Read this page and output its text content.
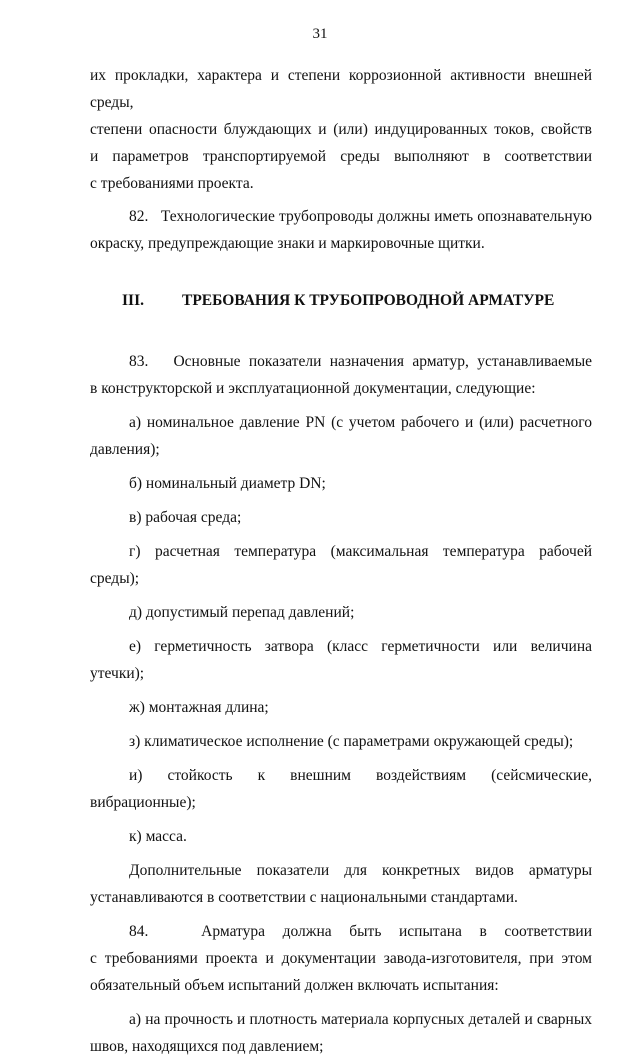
31

их прокладки, характера и степени коррозионной активности внешней среды,

степени опасности блуждающих и (или) индуцированных токов, свойств

и параметров транспортируемой среды выполняют в соответствии

с требованиями проекта.

82.   Технологические трубопроводы должны иметь опознавательную

окраску, предупреждающие знаки и маркировочные щитки.

III.	ТРЕБОВАНИЯ К ТРУБОПРОВОДНОЙ АРМАТУРЕ

83.   Основные показатели назначения арматур, устанавливаемые

в конструкторской и эксплуатационной документации, следующие:

а) номинальное давление PN (с учетом рабочего и (или) расчетного

давления);

б) номинальный диаметр DN;

в) рабочая среда;

г) расчетная температура (максимальная температура рабочей среды);

д) допустимый перепад давлений;

е) герметичность затвора (класс герметичности или величина утечки);

ж) монтажная длина;

з) климатическое исполнение (с параметрами окружающей среды);

и) стойкость к внешним воздействиям (сейсмические, вибрационные);

к) масса.

Дополнительные показатели для конкретных видов арматуры

устанавливаются в соответствии с национальными стандартами.

84.   Арматура должна быть испытана в соответствии

с требованиями проекта и документации завода-изготовителя, при этом

обязательный объем испытаний должен включать испытания:

а) на прочность и плотность материала корпусных деталей и сварных

швов, находящихся под давлением;
